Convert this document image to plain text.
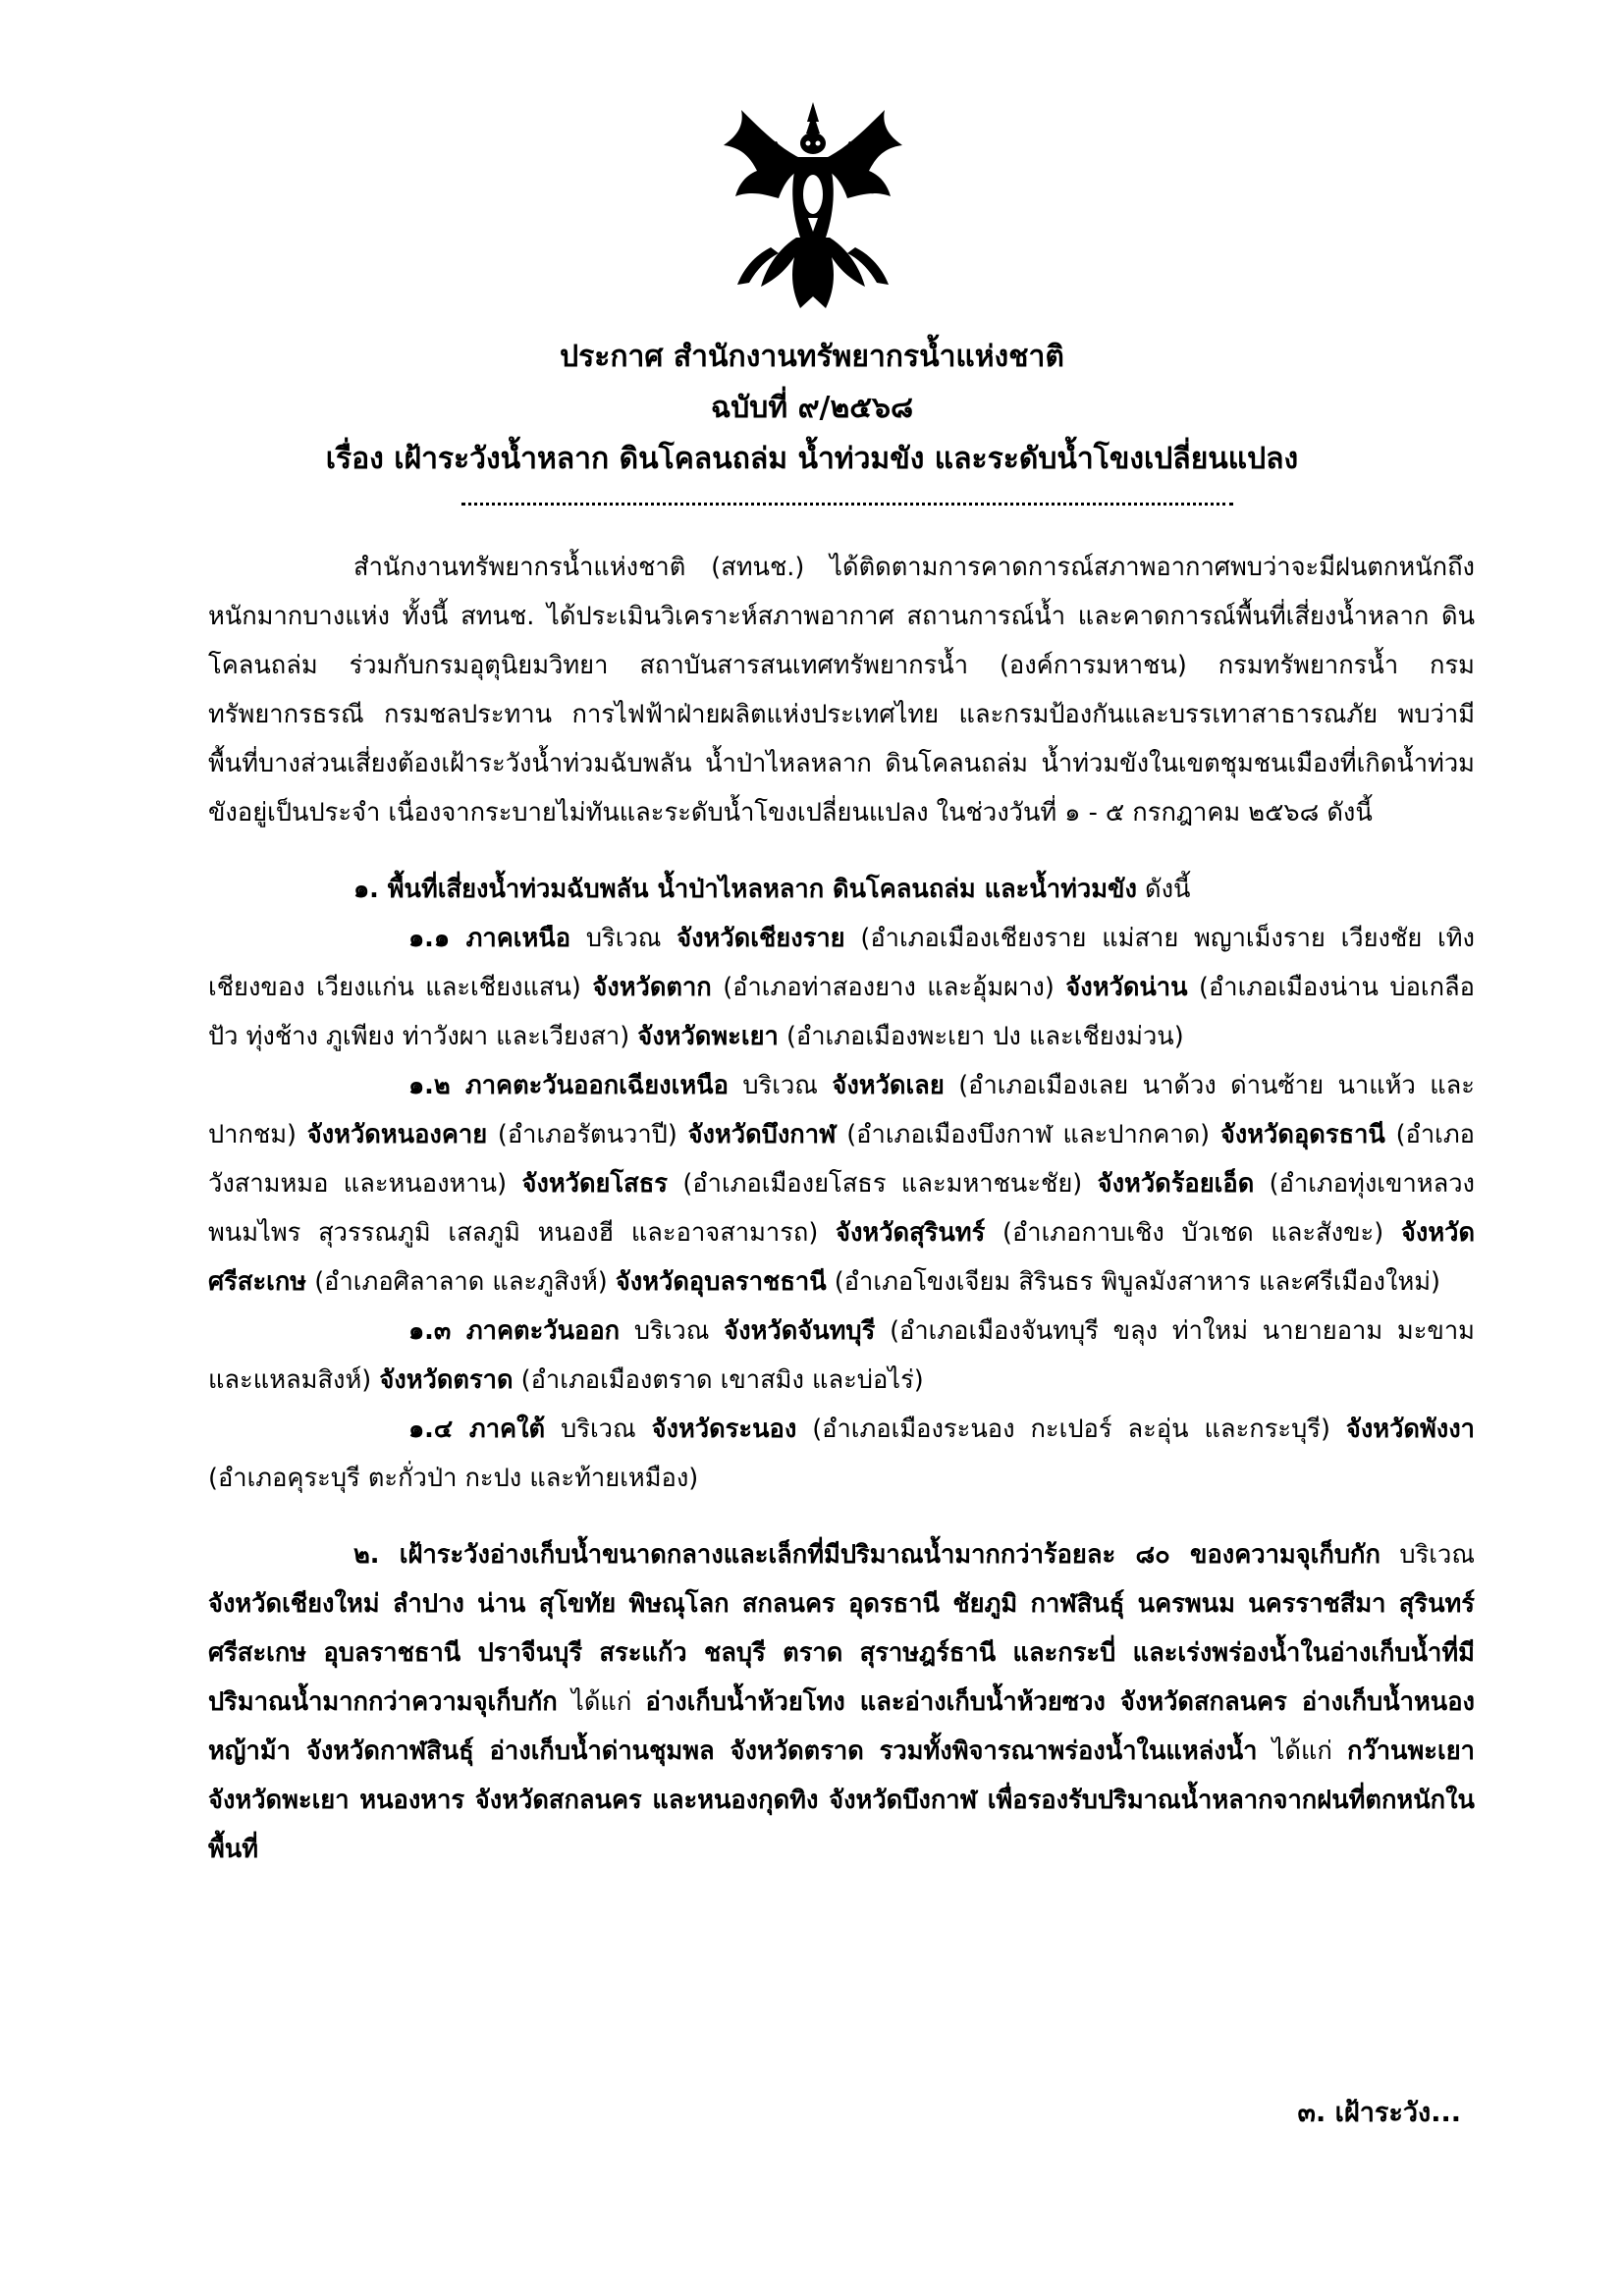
ประกาศ สำนักงานทรัพยากรน้ำแห่งชาติ
ฉบับที่ ๙/๒๕๖๘
เรื่อง เฝ้าระวังน้ำหลาก ดินโคลนถล่ม น้ำท่วมขัง และระดับน้ำโขงเปลี่ยนแปลง

สำนักงานทรัพยากรน้ำแห่งชาติ (สทนช.) ได้ติดตามการคาดการณ์สภาพอากาศพบว่าจะมีฝนตกหนักถึงหนักมากบางแห่ง ทั้งนี้ สทนช. ได้ประเมินวิเคราะห์สภาพอากาศ สถานการณ์น้ำ และคาดการณ์พื้นที่เสี่ยงน้ำหลาก ดินโคลนถล่ม ร่วมกับกรมอุตุนิยมวิทยา สถาบันสารสนเทศทรัพยากรน้ำ (องค์การมหาชน) กรมทรัพยากรน้ำ กรมทรัพยากรธรณี กรมชลประทาน การไฟฟ้าฝ่ายผลิตแห่งประเทศไทย และกรมป้องกันและบรรเทาสาธารณภัย พบว่ามีพื้นที่บางส่วนเสี่ยงต้องเฝ้าระวังน้ำท่วมฉับพลัน น้ำป่าไหลหลาก ดินโคลนถล่ม น้ำท่วมขังในเขตชุมชนเมืองที่เกิดน้ำท่วมขังอยู่เป็นประจำ เนื่องจากระบายไม่ทันและระดับน้ำโขงเปลี่ยนแปลง ในช่วงวันที่ ๑ - ๕ กรกฎาคม ๒๕๖๘ ดังนี้

๑. พื้นที่เสี่ยงน้ำท่วมฉับพลัน น้ำป่าไหลหลาก ดินโคลนถล่ม และน้ำท่วมขัง ดังนี้

๑.๑ ภาคเหนือ บริเวณ จังหวัดเชียงราย (อำเภอเมืองเชียงราย แม่สาย พญาเม็งราย เวียงชัย เทิง เชียงของ เวียงแก่น และเชียงแสน) จังหวัดตาก (อำเภอท่าสองยาง และอุ้มผาง) จังหวัดน่าน (อำเภอเมืองน่าน บ่อเกลือ ปัว ทุ่งช้าง ภูเพียง ท่าวังผา และเวียงสา) จังหวัดพะเยา (อำเภอเมืองพะเยา ปง และเชียงม่วน)

๑.๒ ภาคตะวันออกเฉียงเหนือ บริเวณ จังหวัดเลย (อำเภอเมืองเลย นาด้วง ด่านซ้าย นาแห้ว และปากชม) จังหวัดหนองคาย (อำเภอรัตนวาปี) จังหวัดบึงกาฬ (อำเภอเมืองบึงกาฬ และปากคาด) จังหวัดอุดรธานี (อำเภอวังสามหมอ และหนองหาน) จังหวัดยโสธร (อำเภอเมืองยโสธร และมหาชนะชัย) จังหวัดร้อยเอ็ด (อำเภอทุ่งเขาหลวง พนมไพร สุวรรณภูมิ เสลภูมิ หนองฮี และอาจสามารถ) จังหวัดสุรินทร์ (อำเภอกาบเชิง บัวเชด และสังขะ) จังหวัดศรีสะเกษ (อำเภอศิลาลาด และภูสิงห์) จังหวัดอุบลราชธานี (อำเภอโขงเจียม สิรินธร พิบูลมังสาหาร และศรีเมืองใหม่)

๑.๓ ภาคตะวันออก บริเวณ จังหวัดจันทบุรี (อำเภอเมืองจันทบุรี ขลุง ท่าใหม่ นายายอาม มะขาม และแหลมสิงห์) จังหวัดตราด (อำเภอเมืองตราด เขาสมิง และบ่อไร่)

๑.๔ ภาคใต้ บริเวณ จังหวัดระนอง (อำเภอเมืองระนอง กะเปอร์ ละอุ่น และกระบุรี) จังหวัดพังงา (อำเภอคุระบุรี ตะกั่วป่า กะปง และท้ายเหมือง)

๒. เฝ้าระวังอ่างเก็บน้ำขนาดกลางและเล็กที่มีปริมาณน้ำมากกว่าร้อยละ ๘๐ ของความจุเก็บกัก บริเวณ จังหวัดเชียงใหม่ ลำปาง น่าน สุโขทัย พิษณุโลก สกลนคร อุดรธานี ชัยภูมิ กาฬสินธุ์ นครพนม นครราชสีมา สุรินทร์ ศรีสะเกษ อุบลราชธานี ปราจีนบุรี สระแก้ว ชลบุรี ตราด สุราษฎร์ธานี และกระบี่ และเร่งพร่องน้ำในอ่างเก็บน้ำที่มีปริมาณน้ำมากกว่าความจุเก็บกัก ได้แก่ อ่างเก็บน้ำห้วยโทง และอ่างเก็บน้ำห้วยซวง จังหวัดสกลนคร อ่างเก็บน้ำหนองหญ้าม้า จังหวัดกาฬสินธุ์ อ่างเก็บน้ำด่านชุมพล จังหวัดตราด รวมทั้งพิจารณาพร่องน้ำในแหล่งน้ำ ได้แก่ กว๊านพะเยา จังหวัดพะเยา หนองหาร จังหวัดสกลนคร และหนองกุดทิง จังหวัดบึงกาฬ เพื่อรองรับปริมาณน้ำหลากจากฝนที่ตกหนักในพื้นที่

๓. เฝ้าระวัง...
